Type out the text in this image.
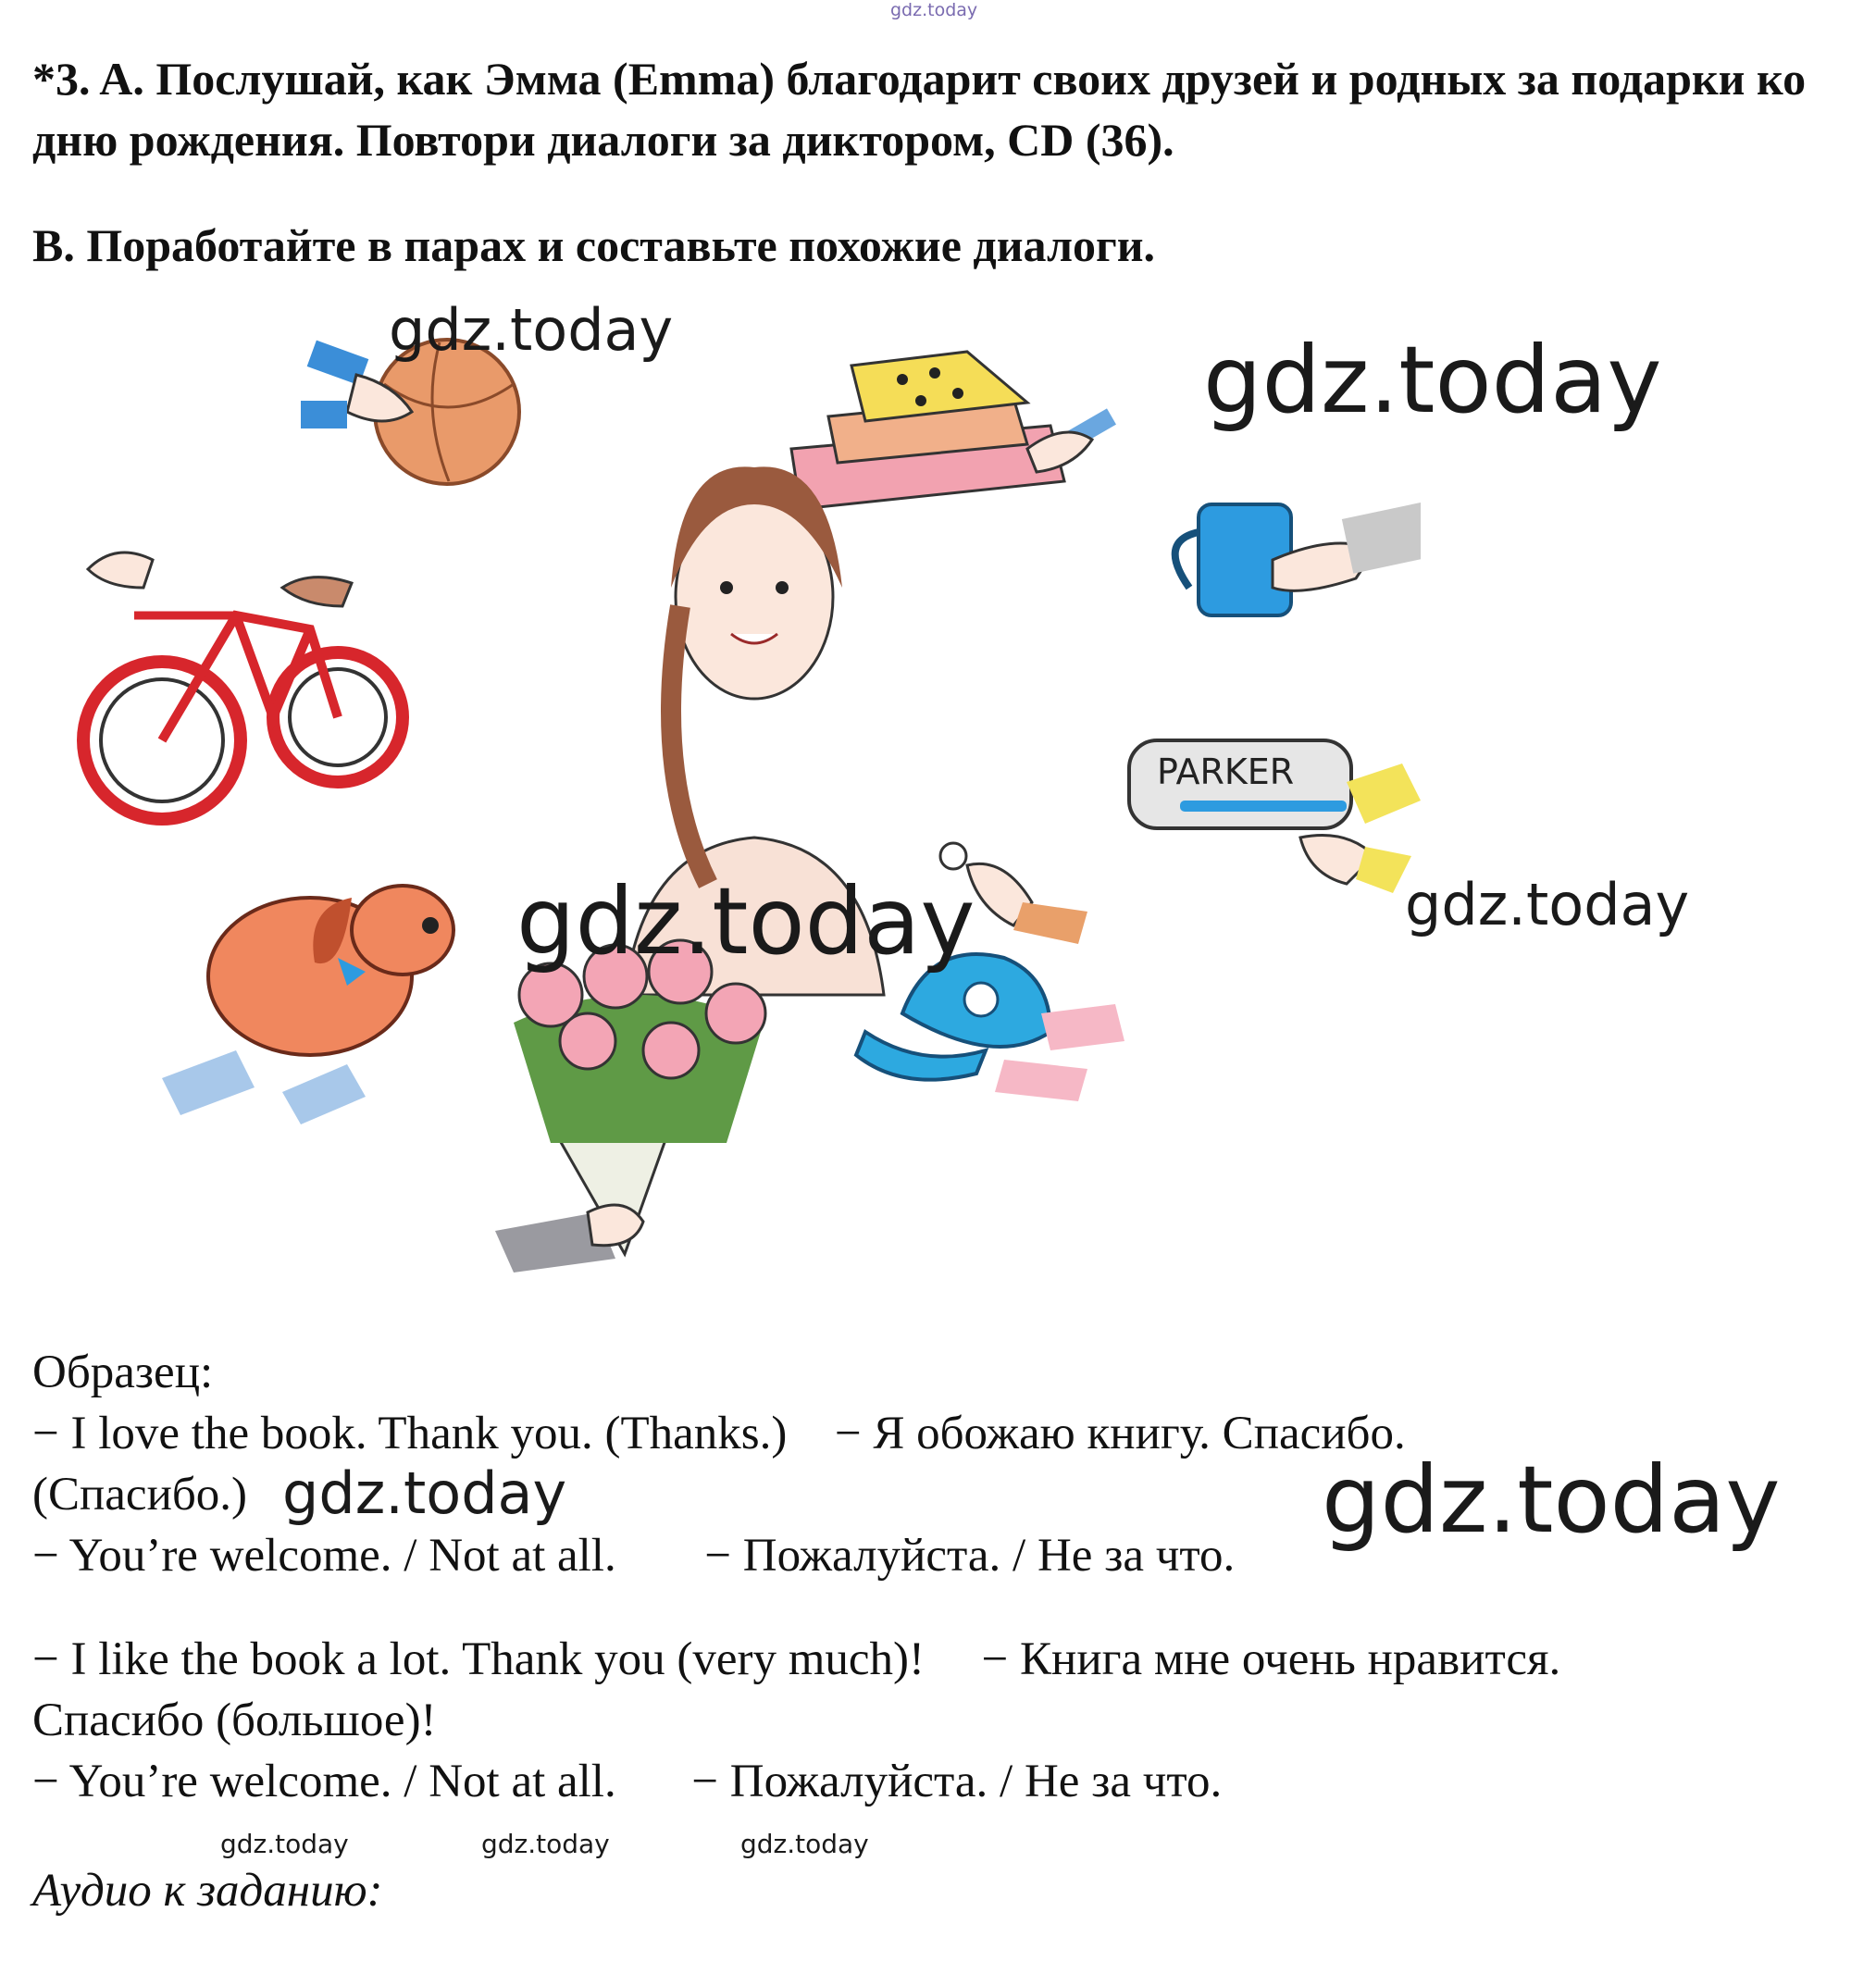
gdz.today
*3. A. Послушай, как Эмма (Emma) благодарит своих друзей и родных за подарки ко дню рождения. Повтори диалоги за диктором, CD (36).
B. Поработайте в парах и составьте похожие диалоги.
PARKER
gdz.today	gdz.today
gdz.today	gdz.today
Образец:
− I love the book. Thank you. (Thanks.) − Я обожаю книгу. Спасибо.
(Спасибо.)
− You’re welcome. / Not at all. − Пожалуйста. / Не за что.
gdz.today	gdz.today
− I like the book a lot. Thank you (very much)! − Книга мне очень нравится.
Спасибо (большое)!
− You’re welcome. / Not at all. − Пожалуйста. / Не за что.
gdz.today	gdz.today	gdz.today
Аудио к заданию:
